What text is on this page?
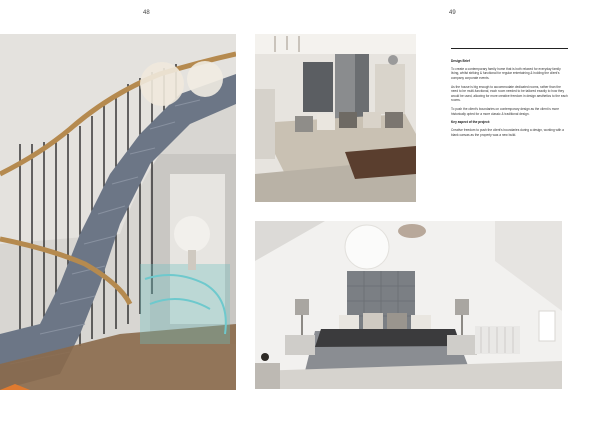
48	49

Design Brief

To create a contemporary family home that is both relaxed for everyday family living, whilst striking & functional for regular entertaining & holding the client's company corporate events.

As the house is big enough to accommodate dedicated rooms, rather than the need to be multi-functional, each room needed to be tailored exactly to how they would be used, allowing for more creative freedom in design aesthetics to the each rooms.

To push the client's boundaries on contemporary design as the client is more historically opted for a more classic & traditional design.

Key aspect of the project:

Creative freedom to push the client's boundaries during a design, working with a blank canvas as the property was a new build.
